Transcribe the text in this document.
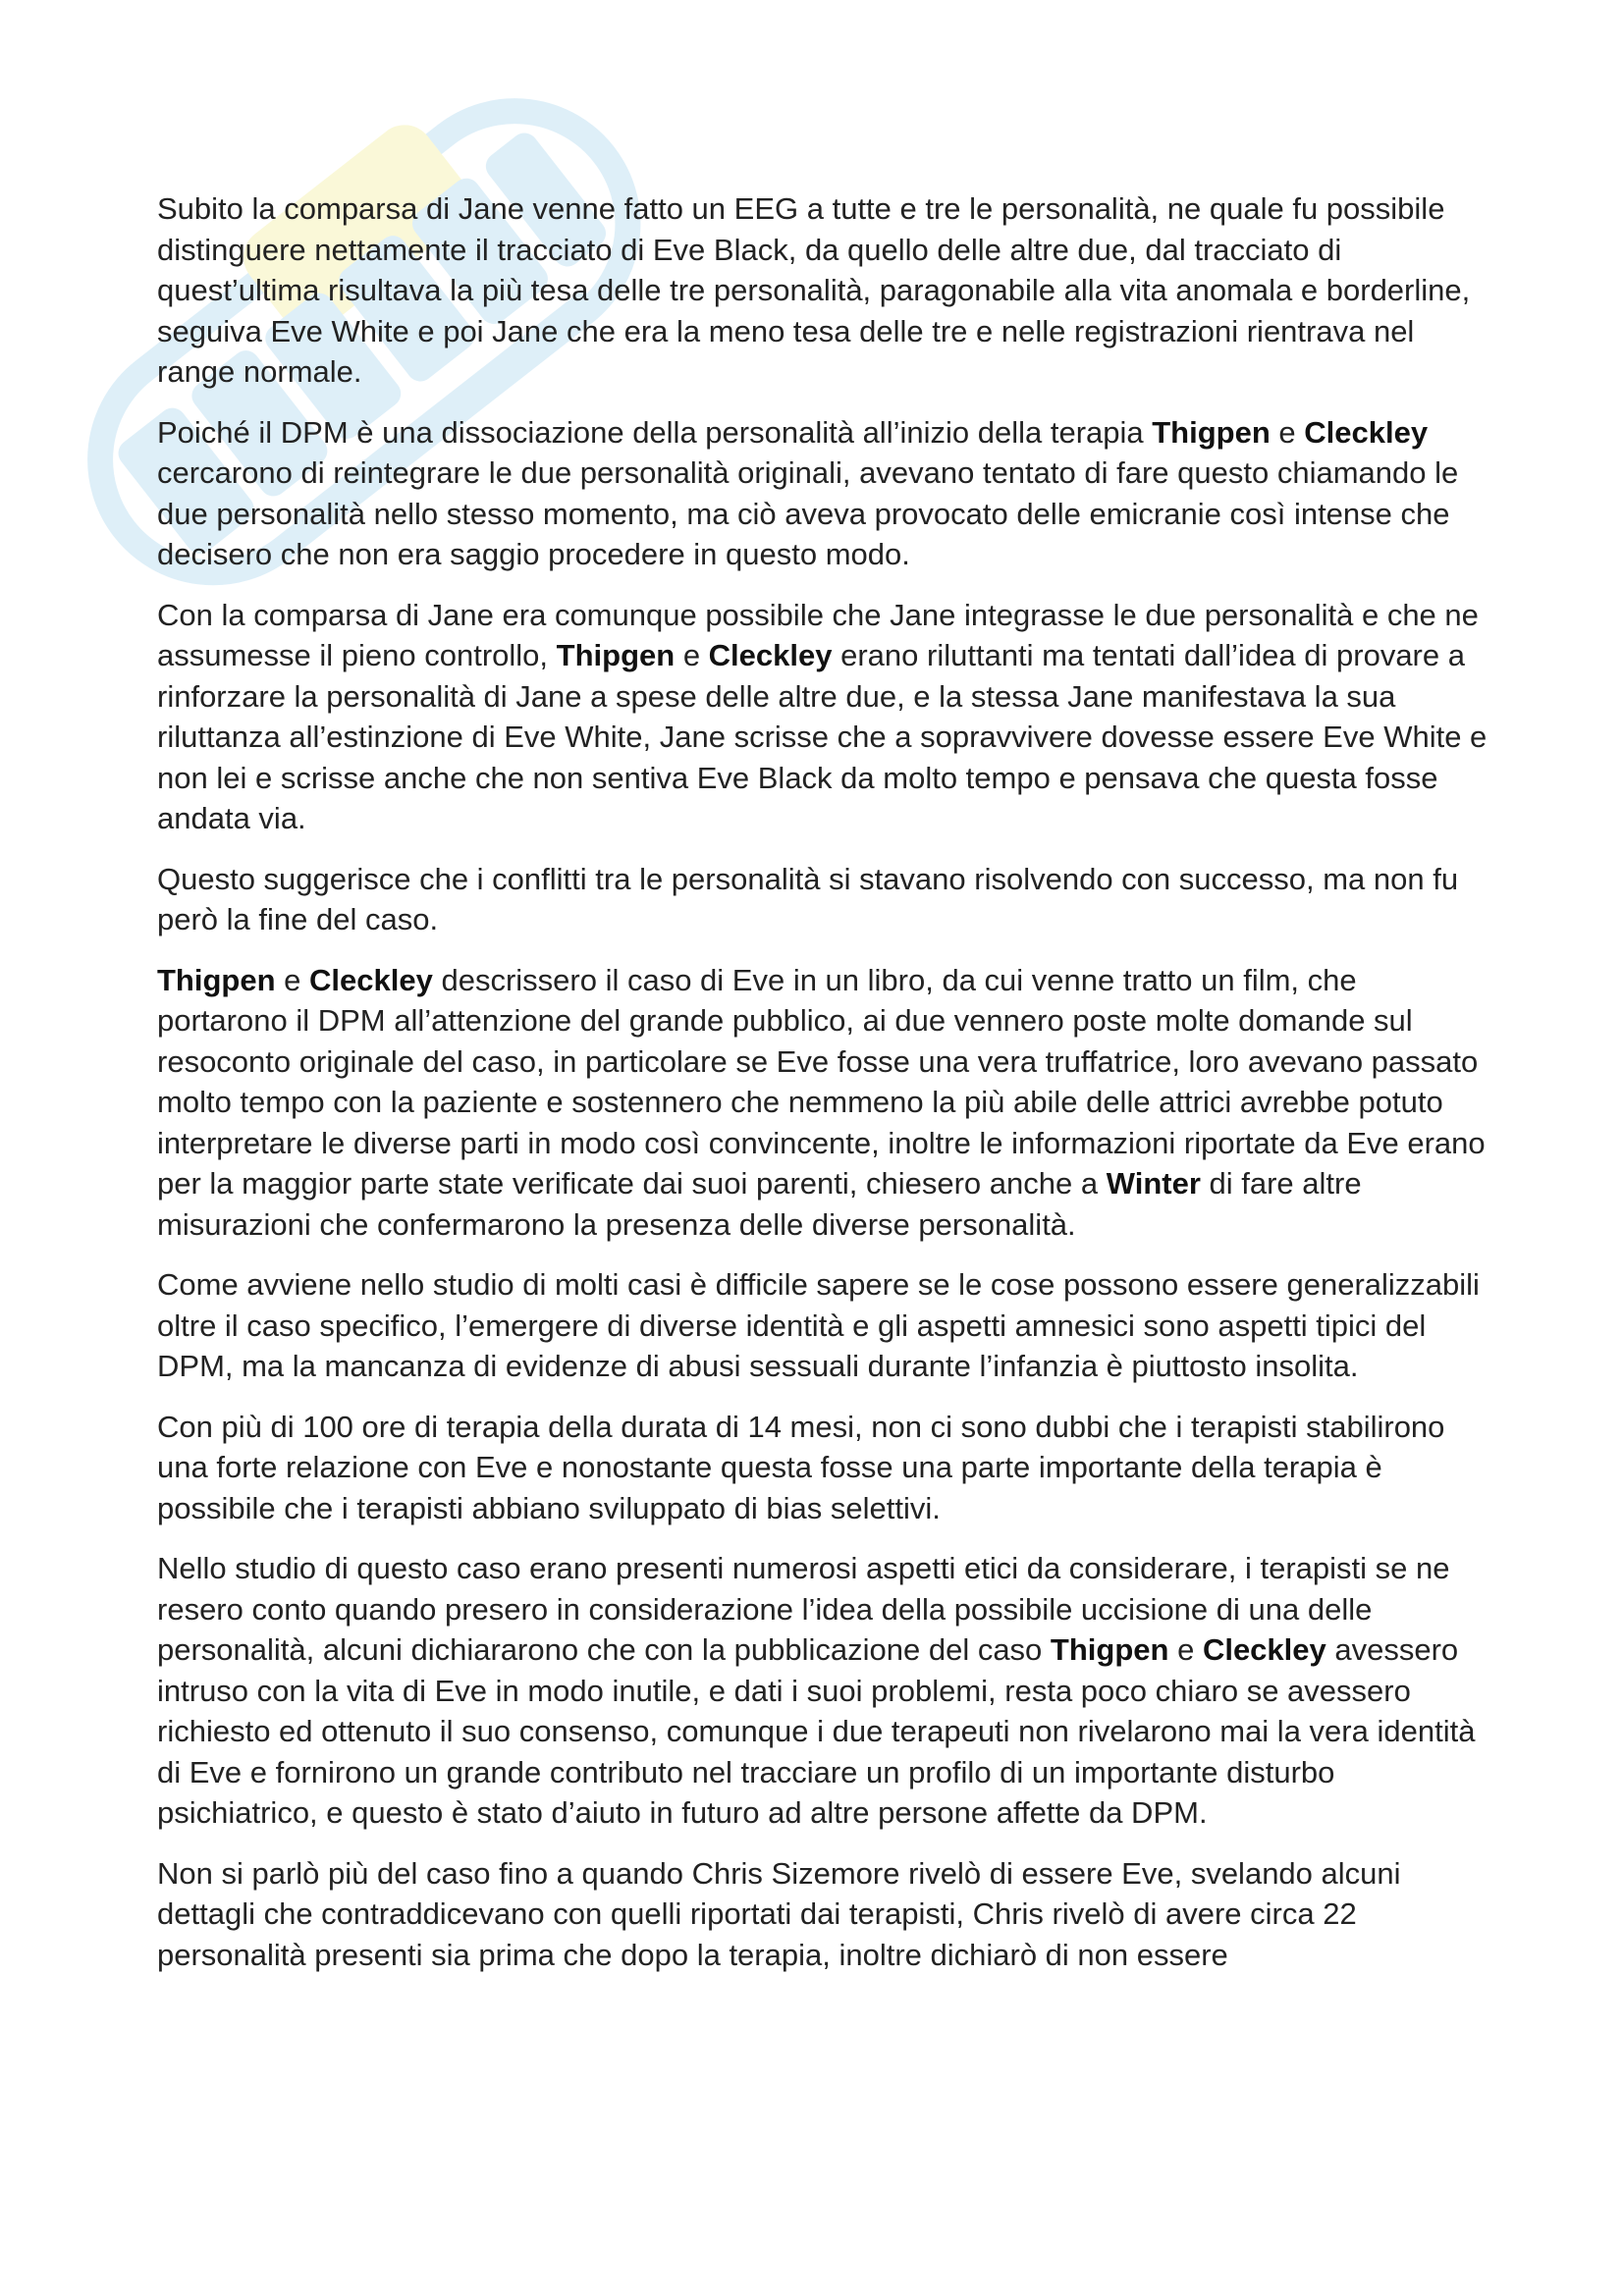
Subito la comparsa di Jane venne fatto un EEG a tutte e tre le personalità, ne quale fu possibile distinguere nettamente il tracciato di Eve Black, da quello delle altre due, dal tracciato di quest’ultima risultava la più tesa delle tre personalità, paragonabile alla vita anomala e borderline, seguiva Eve White e poi Jane che era la meno tesa delle tre e nelle registrazioni rientrava nel range normale.

Poiché il DPM è una dissociazione della personalità all’inizio della terapia Thigpen e Cleckley cercarono di reintegrare le due personalità originali, avevano tentato di fare questo chiamando le due personalità nello stesso momento, ma ciò aveva provocato delle emicranie così intense che decisero che non era saggio procedere in questo modo.

Con la comparsa di Jane era comunque possibile che Jane integrasse le due personalità e che ne assumesse il pieno controllo, Thipgen e Cleckley erano riluttanti ma tentati dall’idea di provare a rinforzare la personalità di Jane a spese delle altre due, e la stessa Jane manifestava la sua riluttanza all’estinzione di Eve White, Jane scrisse che a sopravvivere dovesse essere Eve White e non lei e scrisse anche che non sentiva Eve Black da molto tempo e pensava che questa fosse andata via.

Questo suggerisce che i conflitti tra le personalità si stavano risolvendo con successo, ma non fu però la fine del caso.

Thigpen e Cleckley descrissero il caso di Eve in un libro, da cui venne tratto un film, che portarono il DPM all’attenzione del grande pubblico, ai due vennero poste molte domande sul resoconto originale del caso, in particolare se Eve fosse una vera truffatrice, loro avevano passato molto tempo con la paziente e sostennero che nemmeno la più abile delle attrici avrebbe potuto interpretare le diverse parti in modo così convincente, inoltre le informazioni riportate da Eve erano per la maggior parte state verificate dai suoi parenti, chiesero anche a Winter di fare altre misurazioni che confermarono la presenza delle diverse personalità.

Come avviene nello studio di molti casi è difficile sapere se le cose possono essere generalizzabili oltre il caso specifico, l’emergere di diverse identità e gli aspetti amnesici sono aspetti tipici del DPM, ma la mancanza di evidenze di abusi sessuali durante l’infanzia è piuttosto insolita.

Con più di 100 ore di terapia della durata di 14 mesi, non ci sono dubbi che i terapisti stabilirono una forte relazione con Eve e nonostante questa fosse una parte importante della terapia è possibile che i terapisti abbiano sviluppato di bias selettivi.

Nello studio di questo caso erano presenti numerosi aspetti etici da considerare, i terapisti se ne resero conto quando presero in considerazione l’idea della possibile uccisione di una delle personalità, alcuni dichiararono che con la pubblicazione del caso Thigpen e Cleckley avessero intruso con la vita di Eve in modo inutile, e dati i suoi problemi, resta poco chiaro se avessero richiesto ed ottenuto il suo consenso, comunque i due terapeuti non rivelarono mai la vera identità di Eve e fornirono un grande contributo nel tracciare un profilo di un importante disturbo psichiatrico, e questo è stato d’aiuto in futuro ad altre persone affette da DPM.

Non si parlò più del caso fino a quando Chris Sizemore rivelò di essere Eve, svelando alcuni dettagli che contraddicevano con quelli riportati dai terapisti, Chris rivelò di avere circa 22 personalità presenti sia prima che dopo la terapia, inoltre dichiarò di non essere
